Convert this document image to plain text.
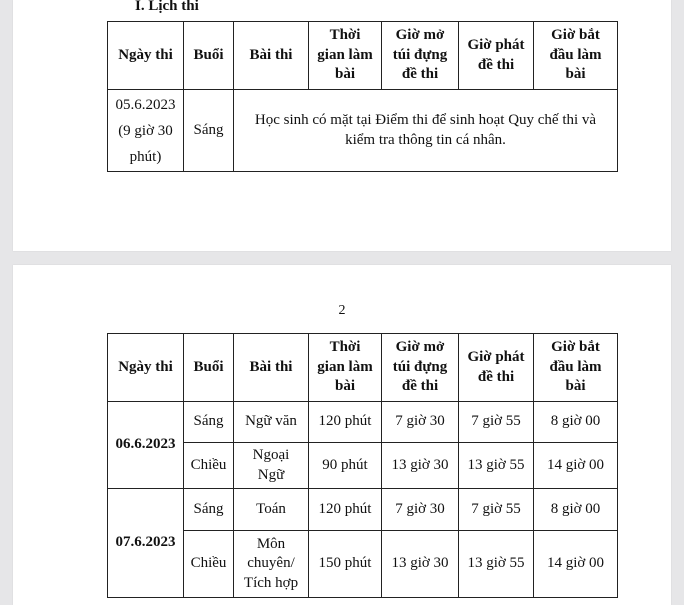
I. Lịch thi
Ngày thi	Buổi	Bài thi	Thời
gian làm
bài	Giờ mở
túi đựng
đề thi	Giờ phát
đề thi	Giờ bắt
đầu làm
bài
05.6.2023
(9 giờ 30
phút)	Sáng	Học sinh có mặt tại Điểm thi để sinh hoạt Quy chế thi và
kiểm tra thông tin cá nhân.				
2
Ngày thi	Buổi	Bài thi	Thời
gian làm
bài	Giờ mở
túi đựng
đề thi	Giờ phát
đề thi	Giờ bắt
đầu làm
bài
06.6.2023	Sáng	Ngữ văn	120 phút	7 giờ 30	7 giờ 55	8 giờ 00
	Chiều	Ngoại
Ngữ	90 phút	13 giờ 30	13 giờ 55	14 giờ 00
07.6.2023	Sáng	Toán	120 phút	7 giờ 30	7 giờ 55	8 giờ 00
	Chiều	Môn
chuyên/
Tích hợp	150 phút	13 giờ 30	13 giờ 55	14 giờ 00
